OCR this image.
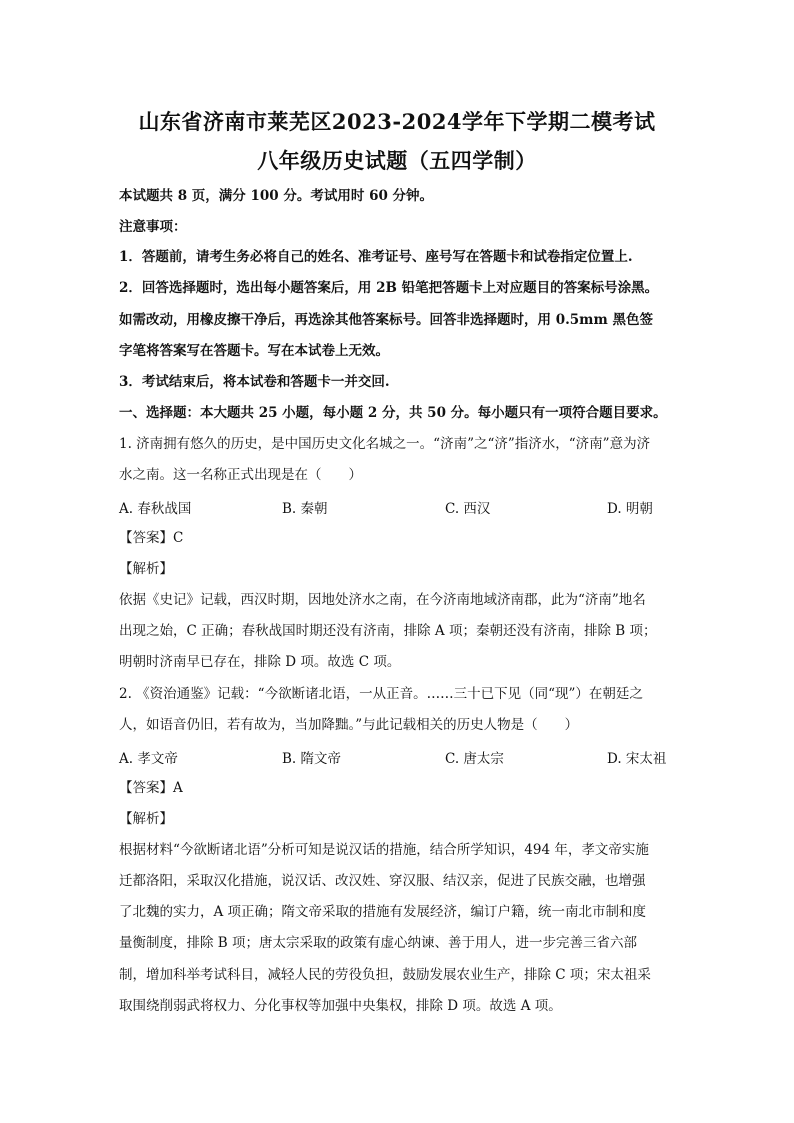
山东省济南市莱芜区2023-2024学年下学期二模考试
八年级历史试题（五四学制）
本试题共 8 页，满分 100 分。考试用时 60 分钟。
注意事项：
1．答题前，请考生务必将自己的姓名、准考证号、座号写在答题卡和试卷指定位置上.
2．回答选择题时，选出每小题答案后，用 2B 铅笔把答题卡上对应题目的答案标号涂黑。
如需改动，用橡皮擦干净后，再选涂其他答案标号。回答非选择题时，用 0.5mm 黑色签
字笔将答案写在答题卡。写在本试卷上无效。
3．考试结束后，将本试卷和答题卡一并交回.
一、选择题：本大题共 25 小题，每小题 2 分，共 50 分。每小题只有一项符合题目要求。
1. 济南拥有悠久的历史，是中国历史文化名城之一。“济南”之“济”指济水，“济南”意为济
水之南。这一名称正式出现是在（　　）
A. 春秋战国	B. 秦朝	C. 西汉	D. 明朝
【答案】C
【解析】
依据《史记》记载，西汉时期，因地处济水之南，在今济南地域济南郡，此为“济南”地名
出现之始，C 正确；春秋战国时期还没有济南，排除 A 项；秦朝还没有济南，排除 B 项；
明朝时济南早已存在，排除 D 项。故选 C 项。
2. 《资治通鉴》记载：“今欲断诸北语，一从正音。……三十已下见（同“现”）在朝廷之
人，如语音仍旧，若有故为，当加降黜。”与此记载相关的历史人物是（　　）
A. 孝文帝	B. 隋文帝	C. 唐太宗	D. 宋太祖
【答案】A
【解析】
根据材料“今欲断诸北语”分析可知是说汉话的措施，结合所学知识，494 年，孝文帝实施
迁都洛阳，采取汉化措施，说汉话、改汉姓、穿汉服、结汉亲，促进了民族交融，也增强
了北魏的实力，A 项正确；隋文帝采取的措施有发展经济，编订户籍，统一南北市制和度
量衡制度，排除 B 项；唐太宗采取的政策有虚心纳谏、善于用人，进一步完善三省六部
制，增加科举考试科目，减轻人民的劳役负担，鼓励发展农业生产，排除 C 项；宋太祖采
取围绕削弱武将权力、分化事权等加强中央集权，排除 D 项。故选 A 项。
